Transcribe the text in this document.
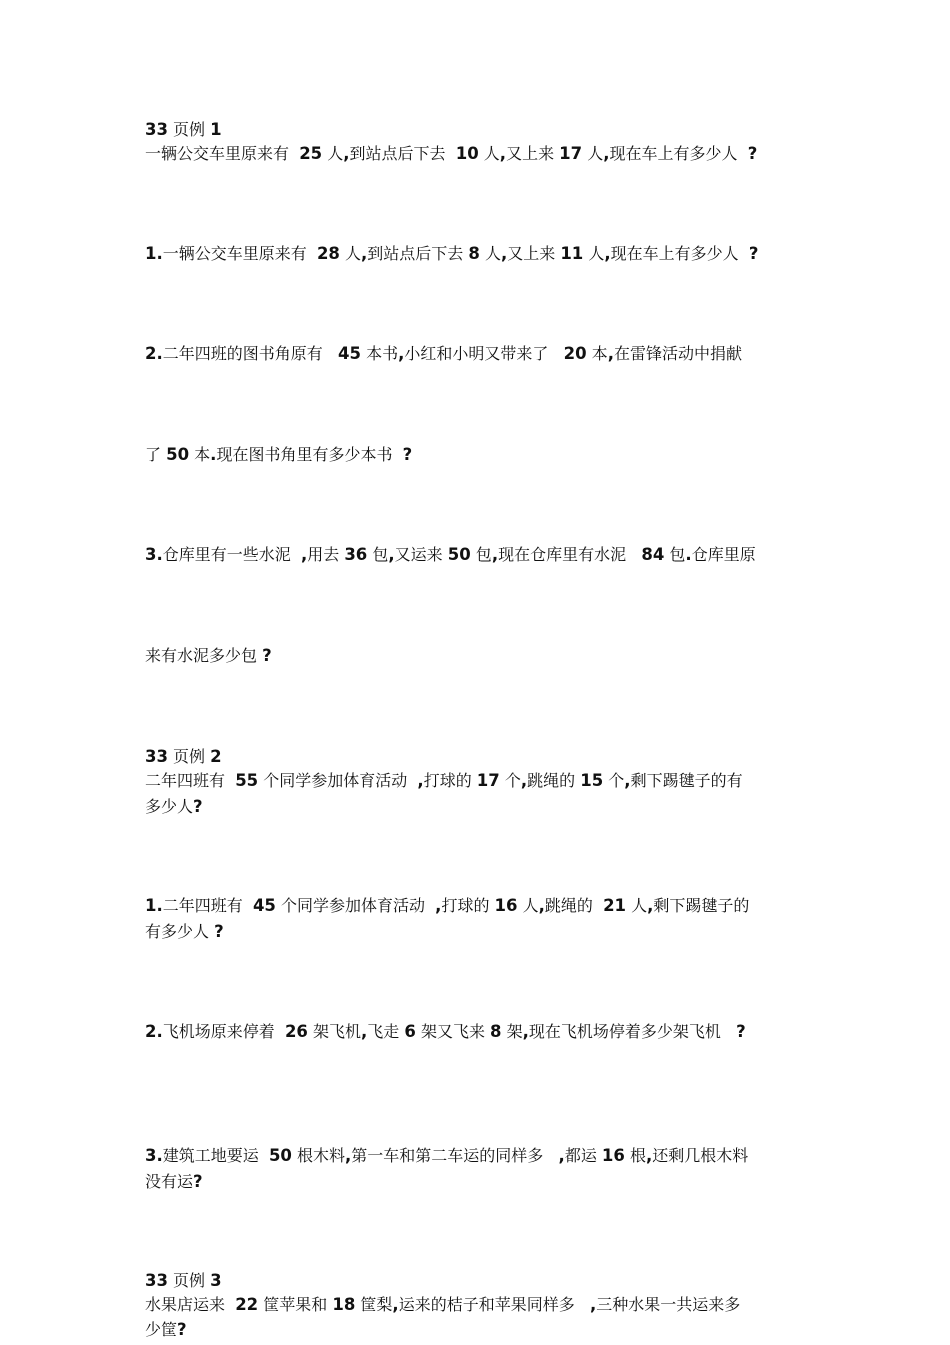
33 页例 1
一辆公交车里原来有  25 人,到站点后下去  10 人,又上来 17 人,现在车上有多少人  ?
1.一辆公交车里原来有  28 人,到站点后下去 8 人,又上来 11 人,现在车上有多少人  ?
2.二年四班的图书角原有   45 本书,小红和小明又带来了   20 本,在雷锋活动中捐献
了 50 本.现在图书角里有多少本书  ?
3.仓库里有一些水泥  ,用去 36 包,又运来 50 包,现在仓库里有水泥   84 包.仓库里原
来有水泥多少包 ?
33 页例 2
二年四班有  55 个同学参加体育活动  ,打球的 17 个,跳绳的 15 个,剩下踢毽子的有
多少人?
1.二年四班有  45 个同学参加体育活动  ,打球的 16 人,跳绳的  21 人,剩下踢毽子的
有多少人 ?
2.飞机场原来停着  26 架飞机,飞走 6 架又飞来 8 架,现在飞机场停着多少架飞机   ?
3.建筑工地要运  50 根木料,第一车和第二车运的同样多   ,都运 16 根,还剩几根木料
没有运?
33 页例 3
水果店运来  22 筐苹果和 18 筐梨,运来的桔子和苹果同样多   ,三种水果一共运来多
少筐?
